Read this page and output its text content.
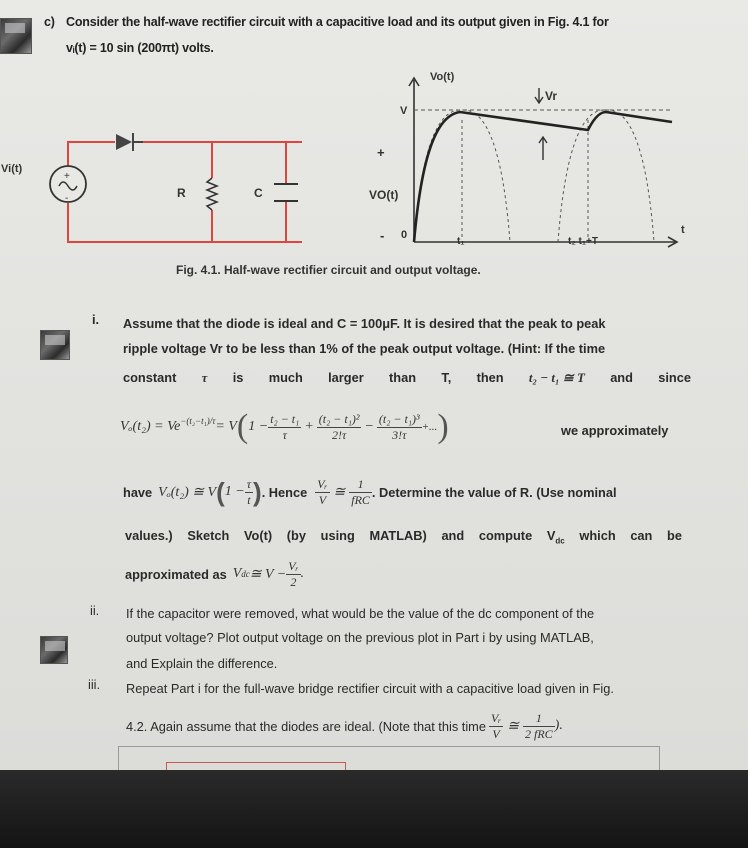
c) Consider the half-wave rectifier circuit with a capacitive load and its output given in Fig. 4.1 for
vᵢ(t) = 10 sin (200πt) volts.
+
-	R	C
+
VO(t)
-
Vi(t)
Vo(t)
0
V
Vr
t₁	t₂ t₁+T
t
Fig. 4.1. Half-wave rectifier circuit and output voltage.
i. Assume that the diode is ideal and C = 100μF. It is desired that the peak to peak
ripple voltage Vr to be less than 1% of the peak output voltage. (Hint: If the time
constant τ is much larger than T, then t₂ − t₁ ≅ T and since
$V_o(t_2) = Ve^{-(t_2-t_1)/\tau} = V$ ( $1 - \frac{\text{t₂ − t₁}}{\tau} + \frac{\text{(t₂ − t₁)²}}{2!\tau} - \frac{\text{(t₂ − t₁)³}}{3!\tau}$ +... )	we approximately
have Vₒ(t₂) ≅ V ( $1 - \frac{\tau}{t}$ ) . Hence $\frac{\text{Vᵣ}}{V}$ ≅ $\frac{1}{\text{fRC}}$ . Determine the value of R. (Use nominal
values.) Sketch Vo(t) (by using MATLAB) and compute $V_{dc}$ which can be
approximated as V dc ≅ $V - \frac{\text{Vᵣ}}{2}$ .
ii. If the capacitor were removed, what would be the value of the dc component of the
output voltage? Plot output voltage on the previous plot in Part i by using MATLAB,
and Explain the difference.
iii. Repeat Part i for the full-wave bridge rectifier circuit with a capacitive load given in Fig.
4.2. Again assume that the diodes are ideal. (Note that this time $\frac{\text{Vᵣ}}{V}$ ≅ $\frac{1}{\text{2 fRC}}$ ).
